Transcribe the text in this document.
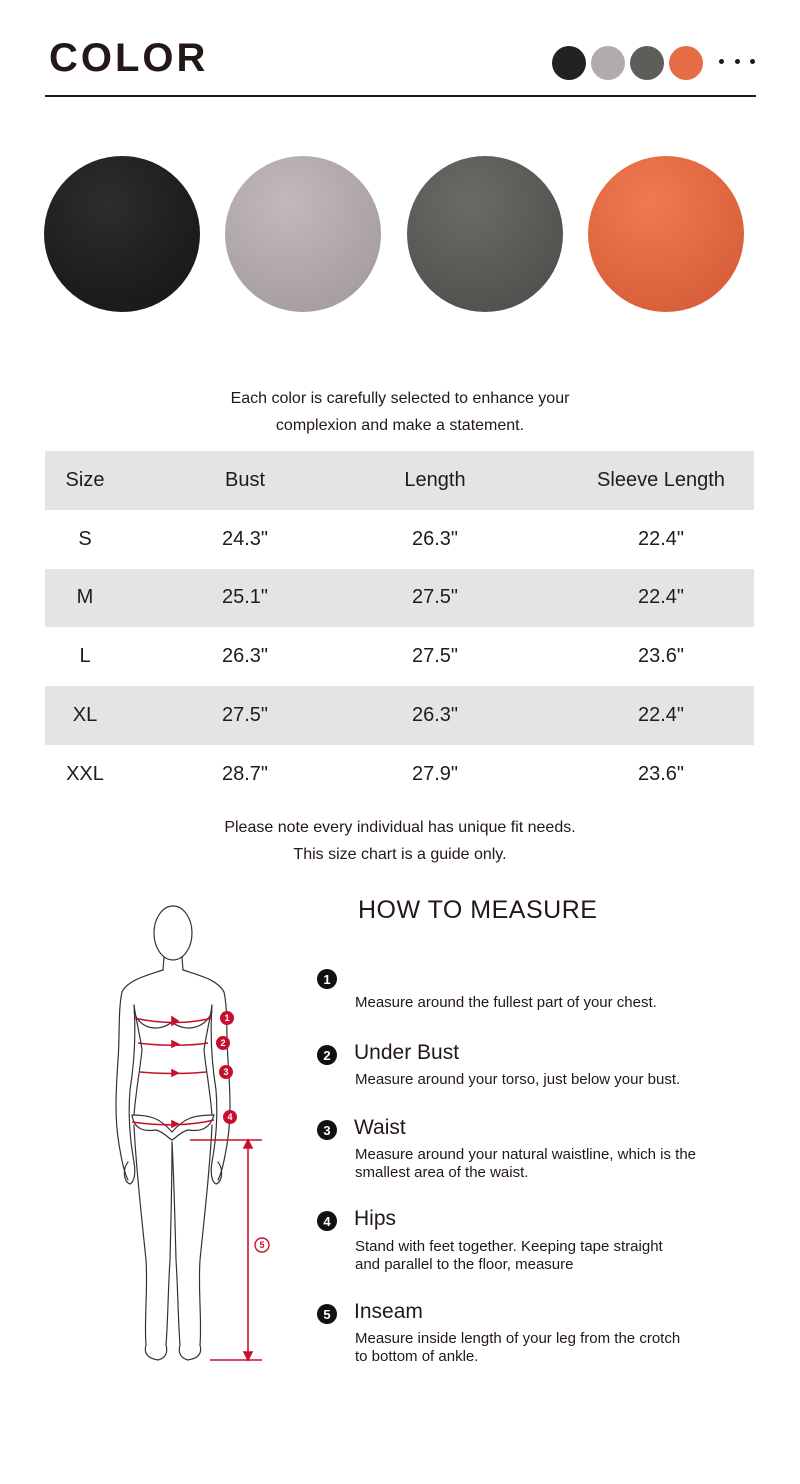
COLOR
Each color is carefully selected to enhance your
complexion and make a statement.
Size	Bust	Length	Sleeve Length
S	24.3"	26.3"	22.4"
M	25.1"	27.5"	22.4"
L	26.3"	27.5"	23.6"
XL	27.5"	26.3"	22.4"
XXL	28.7"	27.9"	23.6"
Please note every individual has unique fit needs.
This size chart is a guide only.
1
2
3
4
5
HOW TO MEASURE
1
Measure around the fullest part of your chest.
2	Under Bust
Measure around your torso, just below your bust.
3	Waist
Measure around your natural waistline, which is the smallest area of the waist.
4	Hips
Stand with feet together. Keeping tape straight and parallel to the floor, measure
5	Inseam
Measure inside length of your leg from the crotch to bottom of ankle.
